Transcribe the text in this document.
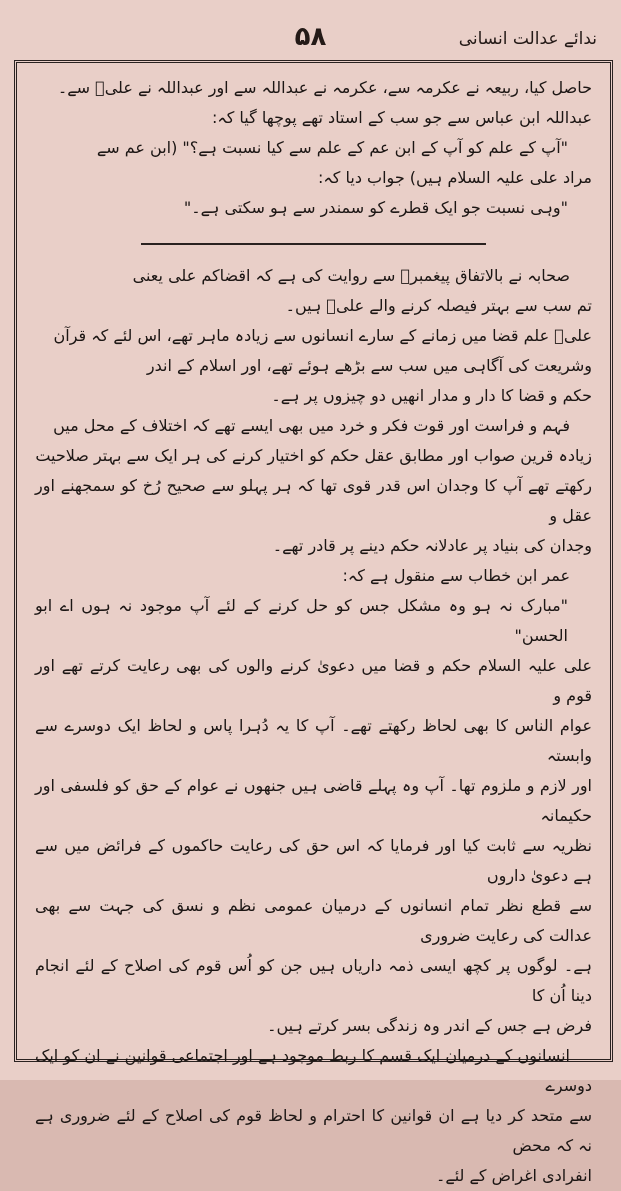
۵۸	ندائے عدالت انسانی

حاصل کیا، ربیعہ نے عکرمہ سے، عکرمہ نے عبداللہ سے اور عبداللہ نے علیؑ سے۔

عبداللہ ابن عباس سے جو سب کے استاد تھے پوچھا گیا کہ:

"آپ کے علم کو آپ کے ابن عم کے علم سے کیا نسبت ہے؟" (ابن عم سے

مراد علی علیہ السلام ہیں) جواب دیا کہ:

"وہی نسبت جو ایک قطرے کو سمندر سے ہو سکتی ہے۔"

صحابہ نے بالاتفاق پیغمبرؐ سے روایت کی ہے کہ اقضاکم علی یعنی

تم سب سے بہتر فیصلہ کرنے والے علیؑ ہیں۔

علیؑ علم قضا میں زمانے کے سارے انسانوں سے زیادہ ماہر تھے، اس لئے کہ قرآن

وشریعت کی آگاہی میں سب سے بڑھے ہوئے تھے، اور اسلام کے اندر

حکم و قضا کا دار و مدار انھیں دو چیزوں پر ہے۔

فہم و فراست اور قوت فکر و خرد میں بھی ایسے تھے کہ اختلاف کے محل میں

زیادہ قرین صواب اور مطابق عقل حکم کو اختیار کرنے کی ہر ایک سے بہتر صلاحیت

رکھتے تھے آپ کا وجدان اس قدر قوی تھا کہ ہر پہلو سے صحیح رُخ کو سمجھنے اور عقل و

وجدان کی بنیاد پر عادلانہ حکم دینے پر قادر تھے۔

عمر ابن خطاب سے منقول ہے کہ:

"مبارک نہ ہو وہ مشکل جس کو حل کرنے کے لئے آپ موجود نہ ہوں اے ابو الحسن"

علی علیہ السلام حکم و قضا میں دعویٰ کرنے والوں کی بھی رعایت کرتے تھے اور قوم و

عوام الناس کا بھی لحاظ رکھتے تھے۔ آپ کا یہ دُہرا پاس و لحاظ ایک دوسرے سے وابستہ

اور لازم و ملزوم تھا۔ آپ وہ پہلے قاضی ہیں جنھوں نے عوام کے حق کو فلسفی اور حکیمانہ

نظریہ سے ثابت کیا اور فرمایا کہ اس حق کی رعایت حاکموں کے فرائض میں سے ہے دعویٰ داروں

سے قطع نظر تمام انسانوں کے درمیان عمومی نظم و نسق کی جہت سے بھی عدالت کی رعایت ضروری

ہے۔ لوگوں پر کچھ ایسی ذمہ داریاں ہیں جن کو اُس قوم کی اصلاح کے لئے انجام دینا اُن کا

فرض ہے جس کے اندر وہ زندگی بسر کرتے ہیں۔

انسانوں کے درمیان ایک قسم کا ربط موجود ہے اور اجتماعی قوانین نے ان کو ایک دوسرے

سے متحد کر دیا ہے ان قوانین کا احترام و لحاظ قوم کی اصلاح کے لئے ضروری ہے نہ کہ محض

انفرادی اغراض کے لئے۔
